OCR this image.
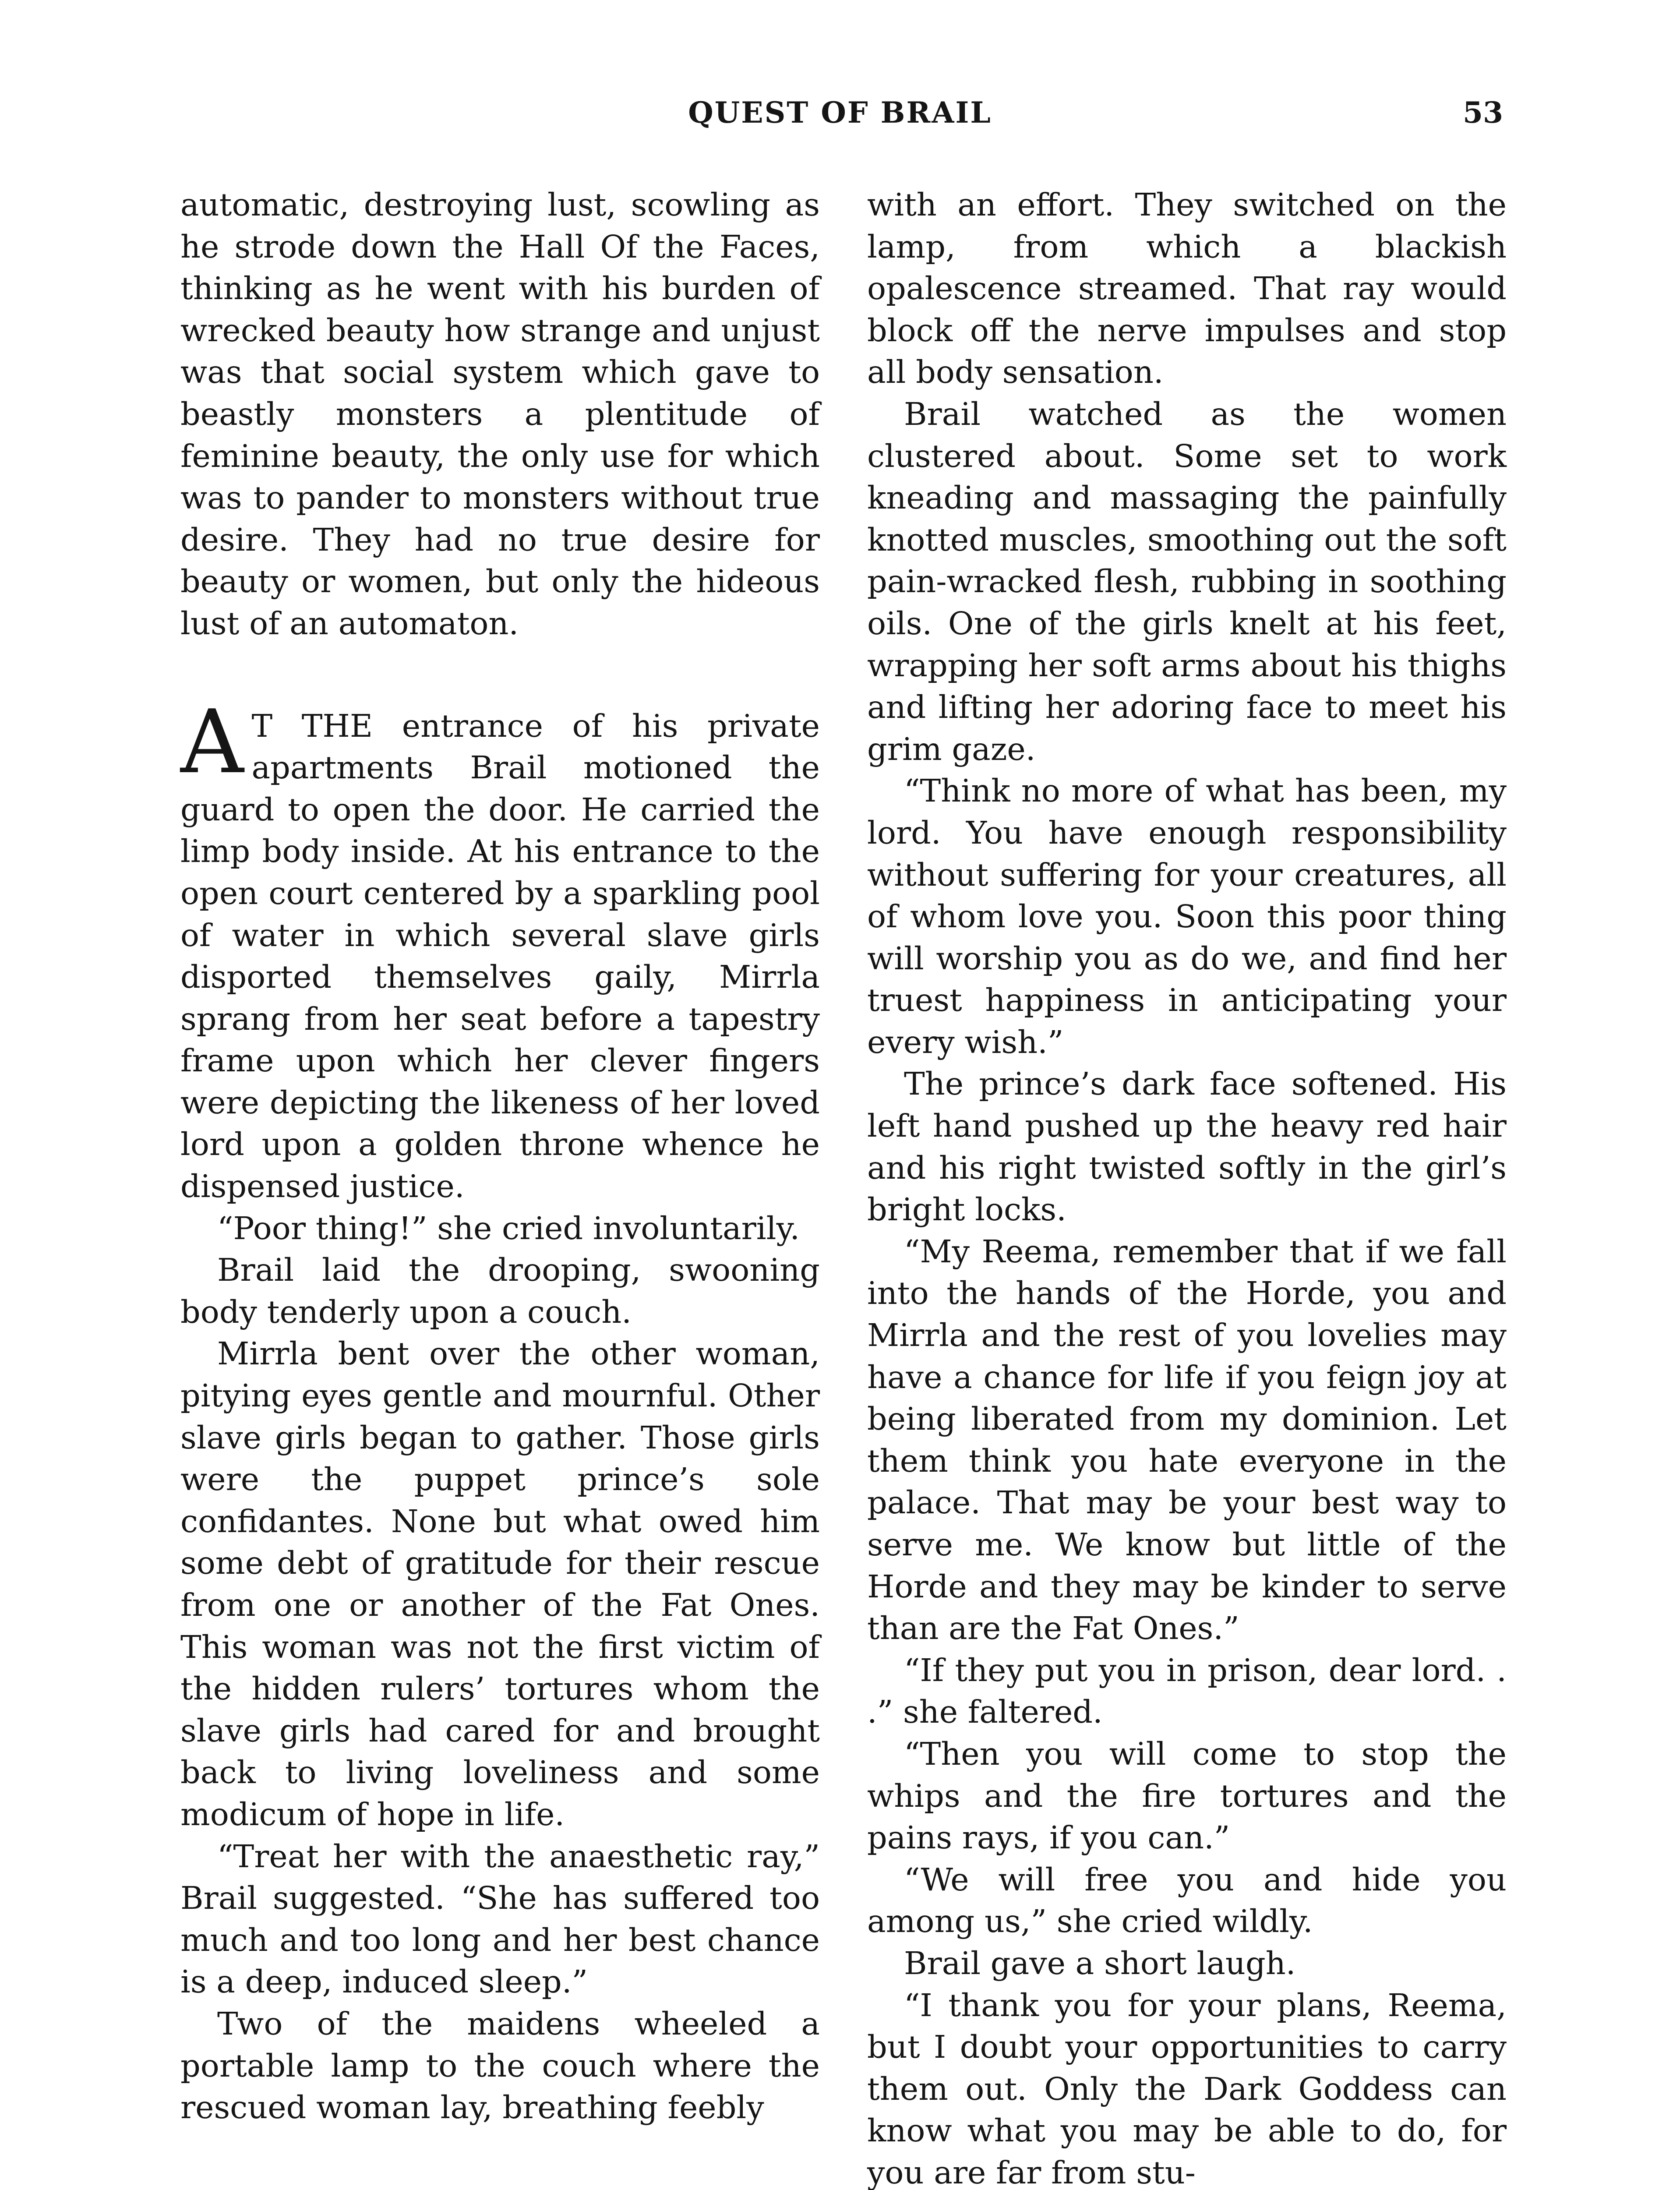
QUEST OF BRAIL	53

automatic, destroying lust, scowling as he strode down the Hall Of the Faces, thinking as he went with his burden of wrecked beauty how strange and unjust was that social system which gave to beastly monsters a plentitude of feminine beauty, the only use for which was to pander to monsters without true desire. They had no true desire for beauty or women, but only the hideous lust of an automaton.

A T THE entrance of his private apartments Brail motioned the guard to open the door. He carried the limp body inside. At his entrance to the open court centered by a sparkling pool of water in which several slave girls disported themselves gaily, Mirrla sprang from her seat before a tapestry frame upon which her clever fingers were depicting the likeness of her loved lord upon a golden throne whence he dispensed justice.

“Poor thing!” she cried involuntarily.

Brail laid the drooping, swooning body tenderly upon a couch.

Mirrla bent over the other woman, pitying eyes gentle and mournful. Other slave girls began to gather. Those girls were the puppet prince’s sole confidantes. None but what owed him some debt of gratitude for their rescue from one or another of the Fat Ones. This woman was not the first victim of the hidden rulers’ tortures whom the slave girls had cared for and brought back to living loveliness and some modicum of hope in life.

“Treat her with the anaesthetic ray,” Brail suggested. “She has suffered too much and too long and her best chance is a deep, induced sleep.”

Two of the maidens wheeled a portable lamp to the couch where the rescued woman lay, breathing feebly

with an effort. They switched on the lamp, from which a blackish opalescence streamed. That ray would block off the nerve impulses and stop all body sensation.

Brail watched as the women clustered about. Some set to work kneading and massaging the painfully knotted muscles, smoothing out the soft pain-wracked flesh, rubbing in soothing oils. One of the girls knelt at his feet, wrapping her soft arms about his thighs and lifting her adoring face to meet his grim gaze.

“Think no more of what has been, my lord. You have enough responsibility without suffering for your creatures, all of whom love you. Soon this poor thing will worship you as do we, and find her truest happiness in anticipating your every wish.”

The prince’s dark face softened. His left hand pushed up the heavy red hair and his right twisted softly in the girl’s bright locks.

“My Reema, remember that if we fall into the hands of the Horde, you and Mirrla and the rest of you lovelies may have a chance for life if you feign joy at being liberated from my dominion. Let them think you hate everyone in the palace. That may be your best way to serve me. We know but little of the Horde and they may be kinder to serve than are the Fat Ones.”

“If they put you in prison, dear lord. . .” she faltered.

“Then you will come to stop the whips and the fire tortures and the pains rays, if you can.”

“We will free you and hide you among us,” she cried wildly.

Brail gave a short laugh.

“I thank you for your plans, Reema, but I doubt your opportunities to carry them out. Only the Dark Goddess can know what you may be able to do, for you are far from stu-
